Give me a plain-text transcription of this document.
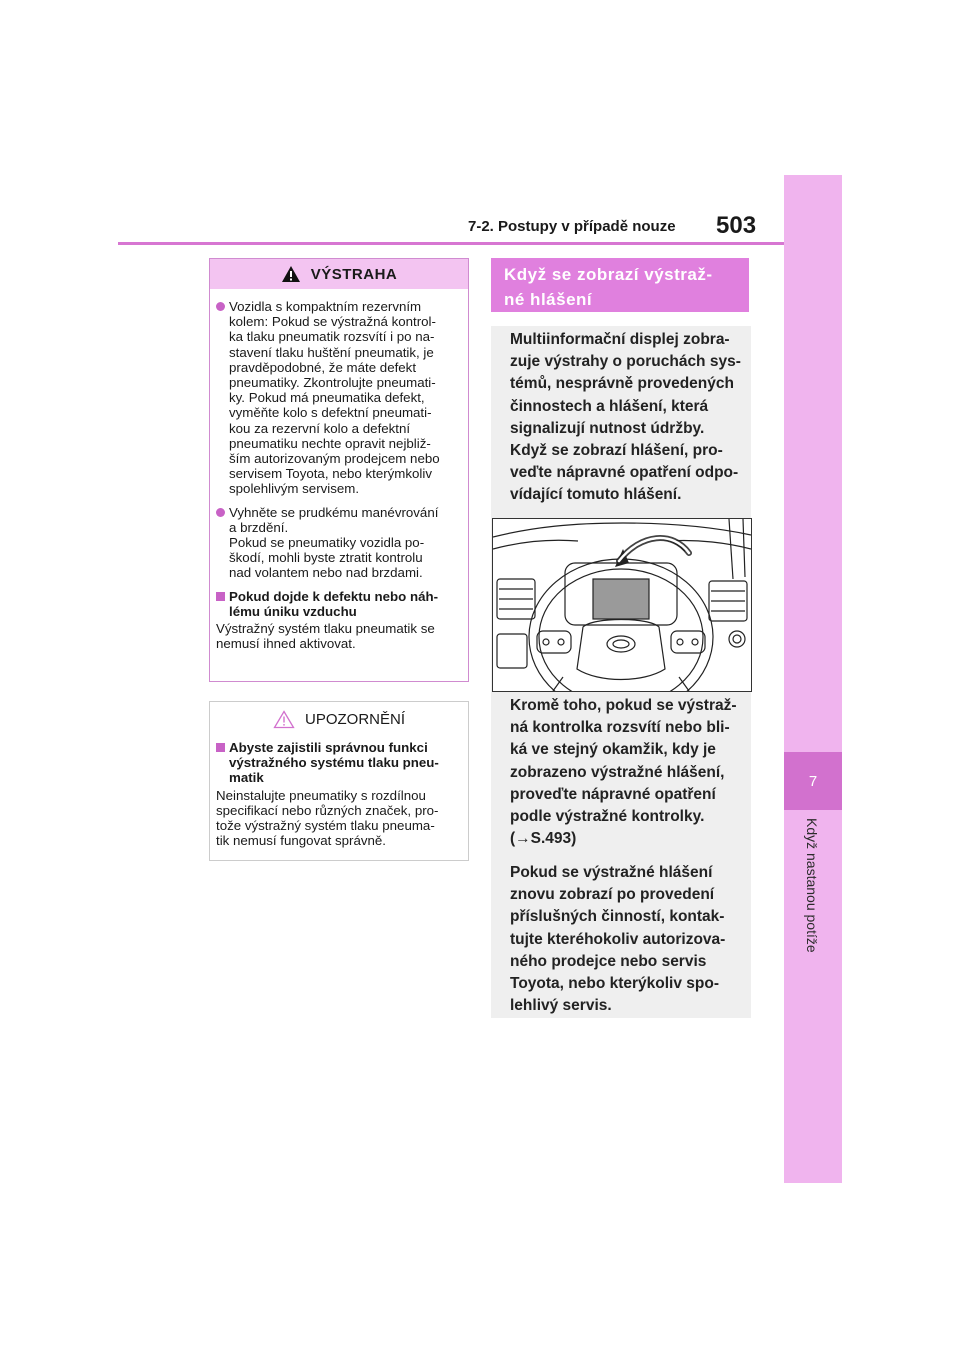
7-2. Postupy v případě nouze 503
7
Když nastanou potíže
VÝSTRAHA
Vozidla s kompaktním rezervním
kolem: Pokud se výstražná kontrol-
ka tlaku pneumatik rozsvítí i po na-
stavení tlaku huštění pneumatik, je
pravděpodobné, že máte defekt
pneumatiky. Zkontrolujte pneumati-
ky. Pokud má pneumatika defekt,
vyměňte kolo s defektní pneumati-
kou za rezervní kolo a defektní
pneumatiku nechte opravit nejbliž-
ším autorizovaným prodejcem nebo
servisem Toyota, nebo kterýmkoliv
spolehlivým servisem.
Vyhněte se prudkému manévrování
a brzdění.
Pokud se pneumatiky vozidla po-
škodí, mohli byste ztratit kontrolu
nad volantem nebo nad brzdami.
Pokud dojde k defektu nebo náh-
lému úniku vzduchu
Výstražný systém tlaku pneumatik se
nemusí ihned aktivovat.
UPOZORNĚNÍ
Abyste zajistili správnou funkci
výstražného systému tlaku pneu-
matik
Neinstalujte pneumatiky s rozdílnou
specifikací nebo různých značek, pro-
tože výstražný systém tlaku pneuma-
tik nemusí fungovat správně.
Když se zobrazí výstraž-
né hlášení
Multiinformační displej zobra-
zuje výstrahy o poruchách sys-
témů, nesprávně provedených
činnostech a hlášení, která
signalizují nutnost údržby.
Když se zobrazí hlášení, pro-
veďte nápravné opatření odpo-
vídající tomuto hlášení.
Kromě toho, pokud se výstraž-
ná kontrolka rozsvítí nebo bli-
ká ve stejný okamžik, kdy je
zobrazeno výstražné hlášení,
proveďte nápravné opatření
podle výstražné kontrolky.
(→S.493)
Pokud se výstražné hlášení
znovu zobrazí po provedení
příslušných činností, kontak-
tujte kteréhokoliv autorizova-
ného prodejce nebo servis
Toyota, nebo kterýkoliv spo-
lehlivý servis.
